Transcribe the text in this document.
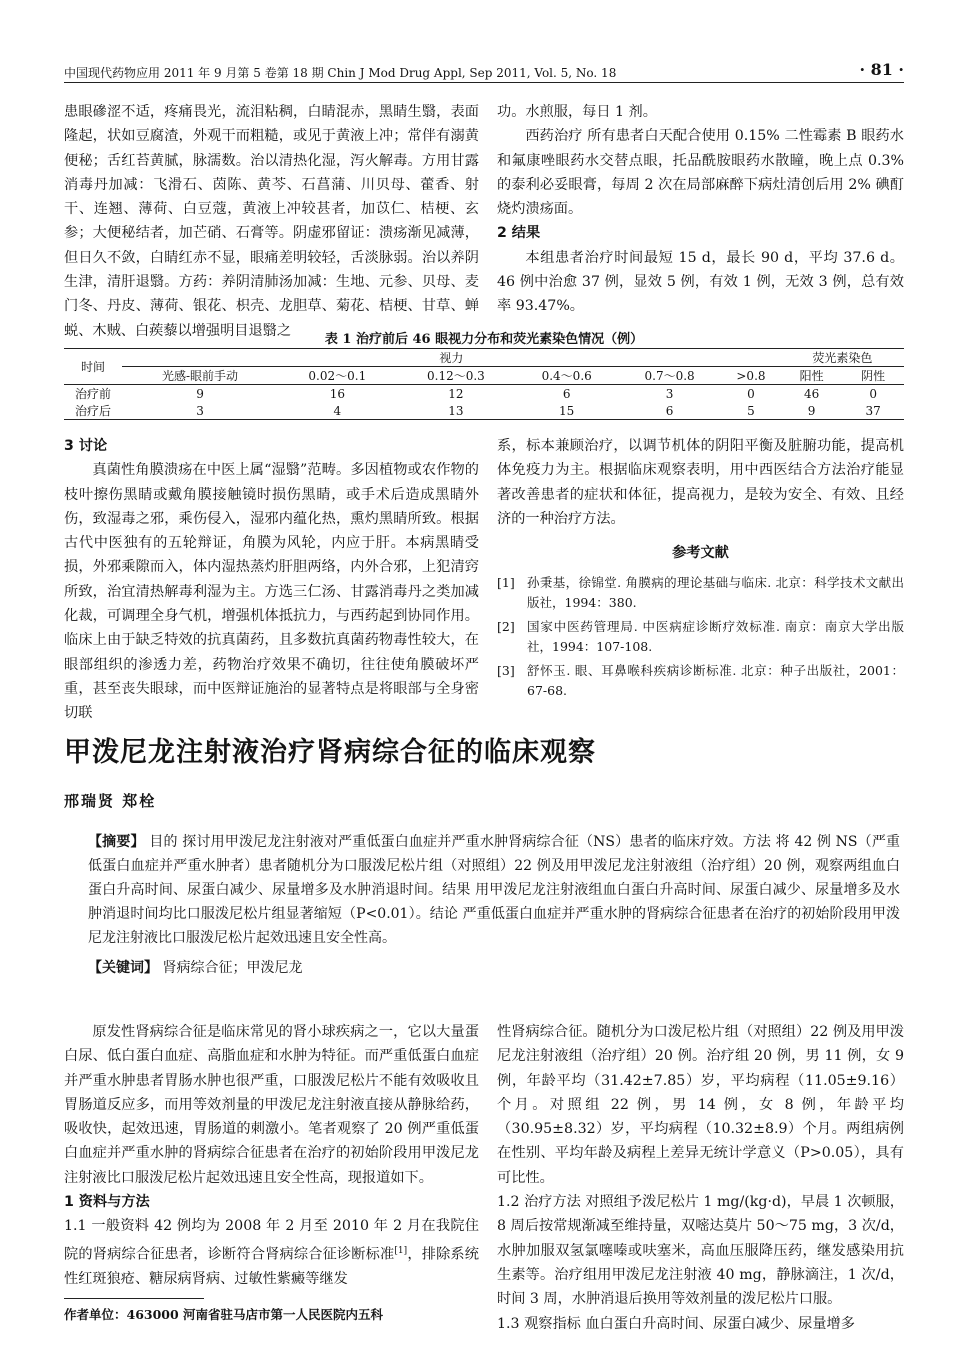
中国现代药物应用 2011 年 9 月第 5 卷第 18 期 Chin J Mod Drug Appl, Sep 2011, Vol. 5, No. 18	· 81 ·

患眼磣涩不适，疼痛畏光，流泪粘稠，白睛混赤，黑睛生翳，表面隆起，状如豆腐渣，外观干而粗糙，或见于黄液上冲；常伴有溺黄便秘；舌红苔黄腻，脉濡数。治以清热化湿，泻火解毒。方用甘露消毒丹加减：飞滑石、茵陈、黄芩、石菖蒲、川贝母、藿香、射干、连翘、薄荷、白豆蔻，黄液上冲较甚者，加苡仁、桔梗、玄参；大便秘结者，加芒硝、石膏等。阴虚邪留证：溃疡渐见减薄，但日久不敛，白睛红赤不显，眼痛差明较轻，舌淡脉弱。治以养阴生津，清肝退翳。方药：养阴清肺汤加减：生地、元参、贝母、麦门冬、丹皮、薄荷、银花、枳壳、龙胆草、菊花、桔梗、甘草、蝉蜕、木贼、白蒺藜以增强明目退翳之

功。水煎服，每日 1 剂。

西药治疗 所有患者白天配合使用 0.15% 二性霉素 B 眼药水和氟康唑眼药水交替点眼，托品酰胺眼药水散瞳，晚上点 0.3% 的泰利必妥眼膏，每周 2 次在局部麻醉下病灶清创后用 2% 碘酊烧灼溃疡面。

2 结果

本组患者治疗时间最短 15 d，最长 90 d，平均 37.6 d。46 例中治愈 37 例，显效 5 例，有效 1 例，无效 3 例，总有效率 93.47%。

表 1 治疗前后 46 眼视力分布和荧光素染色情况（例）
时间	视力						荧光素染色	
	光感-眼前手动	0.02～0.1	0.12～0.3	0.4～0.6	0.7～0.8	>0.8	阳性	阴性
治疗前	9	16	12	6	3	0	46	0
治疗后	3	4	13	15	6	5	9	37

3 讨论

真菌性角膜溃疡在中医上属“湿翳”范畴。多因植物或农作物的枝叶擦伤黑睛或戴角膜接触镜时损伤黑睛，或手术后造成黑睛外伤，致湿毒之邪，乘伤侵入，湿邪内蕴化热，熏灼黑睛所致。根据古代中医独有的五轮辩证，角膜为风轮，内应于肝。本病黑睛受损，外邪乘隙而入，体内湿热蒸灼肝胆两络，内外合邪，上犯清窍所致，治宜清热解毒利湿为主。方选三仁汤、甘露消毒丹之类加减化裁，可调理全身气机，增强机体抵抗力，与西药起到协同作用。临床上由于缺乏特效的抗真菌药，且多数抗真菌药物毒性较大，在眼部组织的渗透力差，药物治疗效果不确切，往往使角膜破坏严重，甚至丧失眼球，而中医辩证施治的显著特点是将眼部与全身密切联

系，标本兼顾治疗，以调节机体的阴阳平衡及脏腑功能，提高机体免疫力为主。根据临床观察表明，用中西医结合方法治疗能显著改善患者的症状和体征，提高视力，是较为安全、有效、且经济的一种治疗方法。

参考文献

[1] 孙秉基，徐锦堂. 角膜病的理论基础与临床. 北京：科学技术文献出版社，1994：380.
[2] 国家中医药管理局. 中医病症诊断疗效标准. 南京：南京大学出版社，1994：107-108.
[3] 舒怀玉. 眼、耳鼻喉科疾病诊断标准. 北京：种子出版社，2001：67-68.
甲泼尼龙注射液治疗肾病综合征的临床观察
邢瑞贤 郑栓

【摘要】 目的 探讨用甲泼尼龙注射液对严重低蛋白血症并严重水肿肾病综合征（NS）患者的临床疗效。方法 将 42 例 NS（严重低蛋白血症并严重水肿者）患者随机分为口服泼尼松片组（对照组）22 例及用甲泼尼龙注射液组（治疗组）20 例，观察两组血白蛋白升高时间、尿蛋白减少、尿量增多及水肿消退时间。结果 用甲泼尼龙注射液组血白蛋白升高时间、尿蛋白减少、尿量增多及水肿消退时间均比口服泼尼松片组显著缩短（P<0.01）。结论 严重低蛋白血症并严重水肿的肾病综合征患者在治疗的初始阶段用甲泼尼龙注射液比口服泼尼松片起效迅速且安全性高。

【关键词】 肾病综合征；甲泼尼龙

原发性肾病综合征是临床常见的肾小球疾病之一，它以大量蛋白尿、低白蛋白血症、高脂血症和水肿为特征。而严重低蛋白血症并严重水肿患者胃肠水肿也很严重，口服泼尼松片不能有效吸收且胃肠道反应多，而用等效剂量的甲泼尼龙注射液直接从静脉给药，吸收快，起效迅速，胃肠道的刺激小。笔者观察了 20 例严重低蛋白血症并严重水肿的肾病综合征患者在治疗的初始阶段用甲泼尼龙注射液比口服泼尼松片起效迅速且安全性高，现报道如下。

1 资料与方法

1.1 一般资料 42 例均为 2008 年 2 月至 2010 年 2 月在我院住院的肾病综合征患者，诊断符合肾病综合征诊断标准[1]，排除系统性红斑狼疮、糖尿病肾病、过敏性紫癜等继发

性肾病综合征。随机分为口泼尼松片组（对照组）22 例及用甲泼尼龙注射液组（治疗组）20 例。治疗组 20 例，男 11 例，女 9 例，年龄平均（31.42±7.85）岁，平均病程（11.05±9.16）个月。对照组 22 例，男 14 例，女 8 例，年龄平均（30.95±8.32）岁，平均病程（10.32±8.9）个月。两组病例在性别、平均年龄及病程上差异无统计学意义（P>0.05），具有可比性。

1.2 治疗方法 对照组予泼尼松片 1 mg/(kg·d)，早晨 1 次顿服，8 周后按常规渐减至维持量，双嘧达莫片 50～75 mg，3 次/d，水肿加服双氢氯噻嗪或呋塞米，高血压服降压药，继发感染用抗生素等。治疗组用甲泼尼龙注射液 40 mg，静脉滴注，1 次/d，时间 3 周，水肿消退后换用等效剂量的泼尼松片口服。

1.3 观察指标 血白蛋白升高时间、尿蛋白减少、尿量增多

作者单位：463000 河南省驻马店市第一人民医院内五科
